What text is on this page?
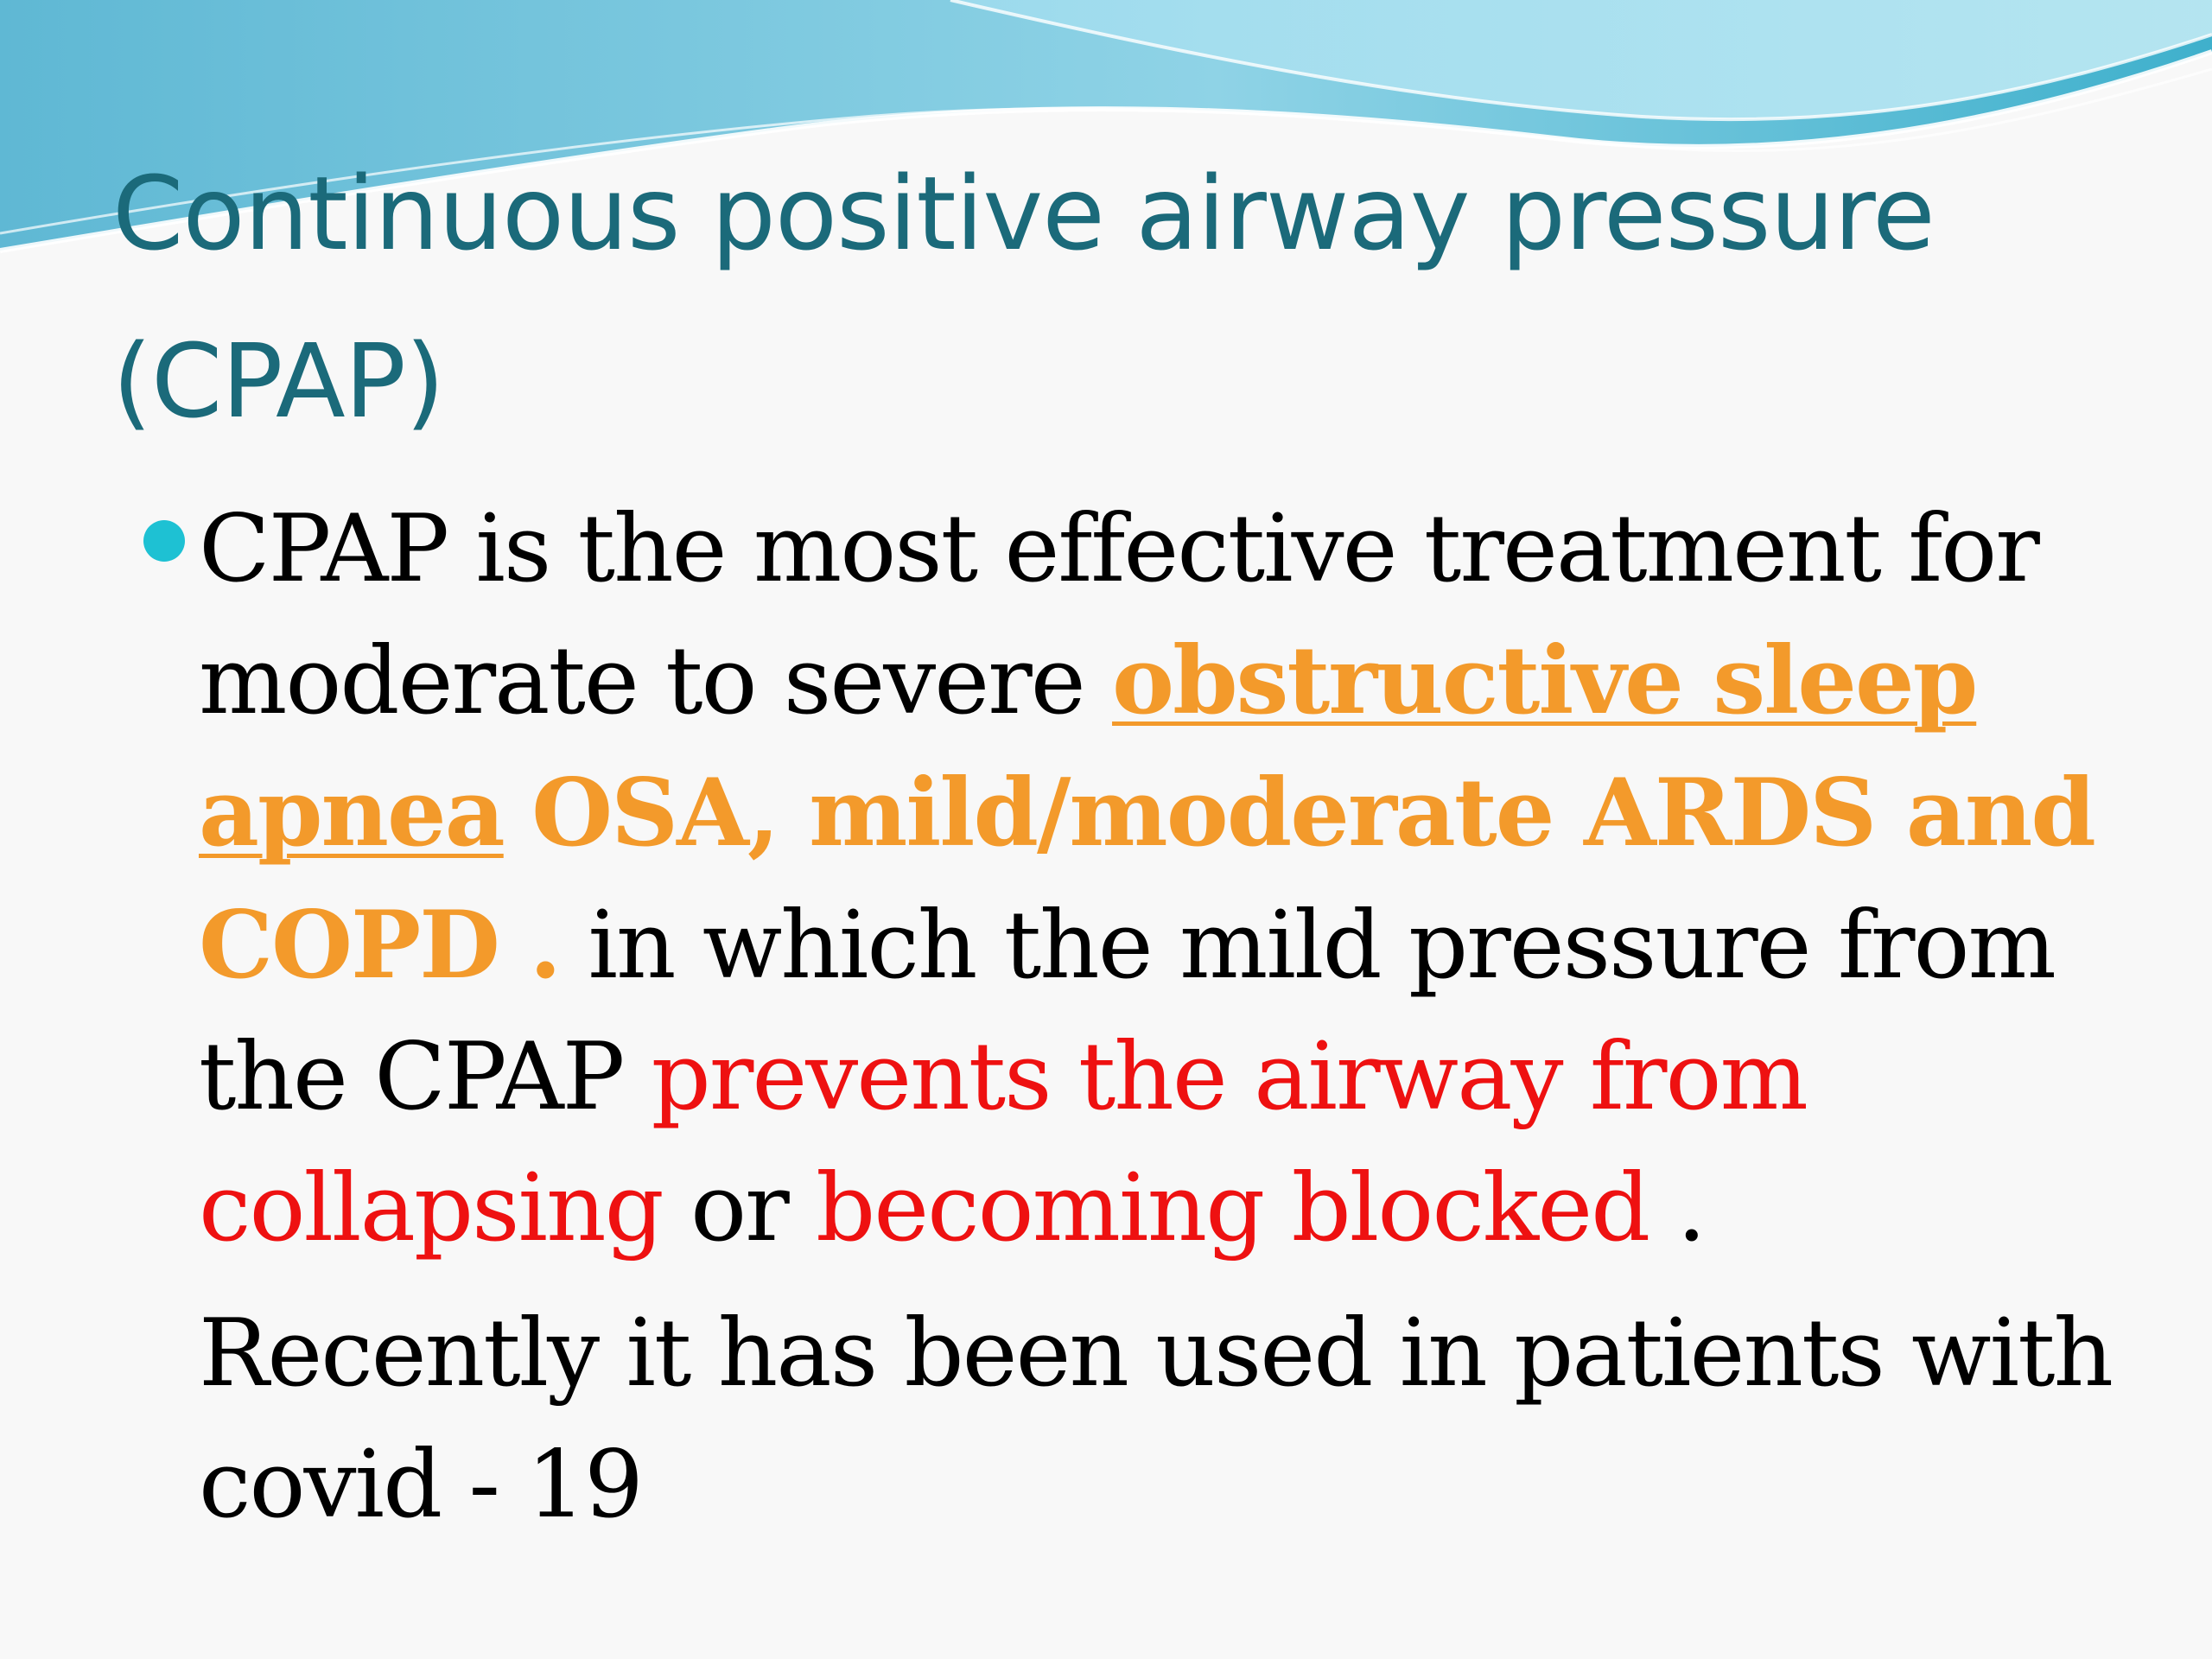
Continuous positive airway pressure (CPAP)

CPAP is the most effective treatment for moderate to severe obstructive sleep apnea OSA, mild/moderate ARDS and COPD . in which the mild pressure from the CPAP prevents the airway from collapsing or becoming blocked .

Recently it has been used in patients with covid - 19
